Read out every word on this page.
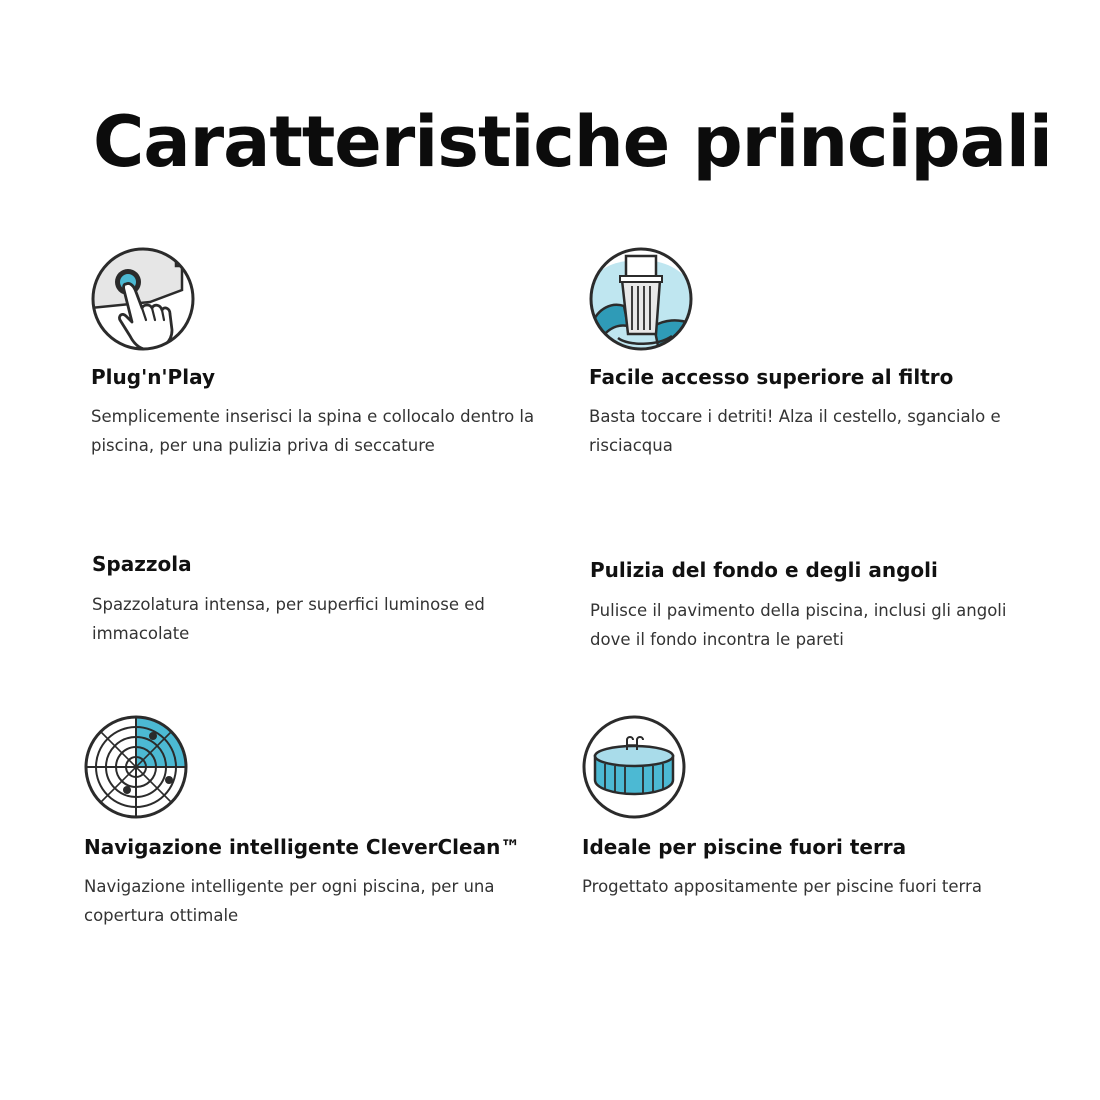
Caratteristiche principali
Plug'n'Play

Semplicemente inserisci la spina e collocalo dentro la piscina, per una pulizia priva di seccature

Facile accesso superiore al filtro

Basta toccare i detriti! Alza il cestello, sgancialo e risciacqua

Spazzola

Spazzolatura intensa, per superfici luminose ed immacolate

Pulizia del fondo e degli angoli

Pulisce il pavimento della piscina, inclusi gli angoli dove il fondo incontra le pareti

Navigazione intelligente CleverClean™

Navigazione intelligente per ogni piscina, per una copertura ottimale

Ideale per piscine fuori terra

Progettato appositamente per piscine fuori terra
